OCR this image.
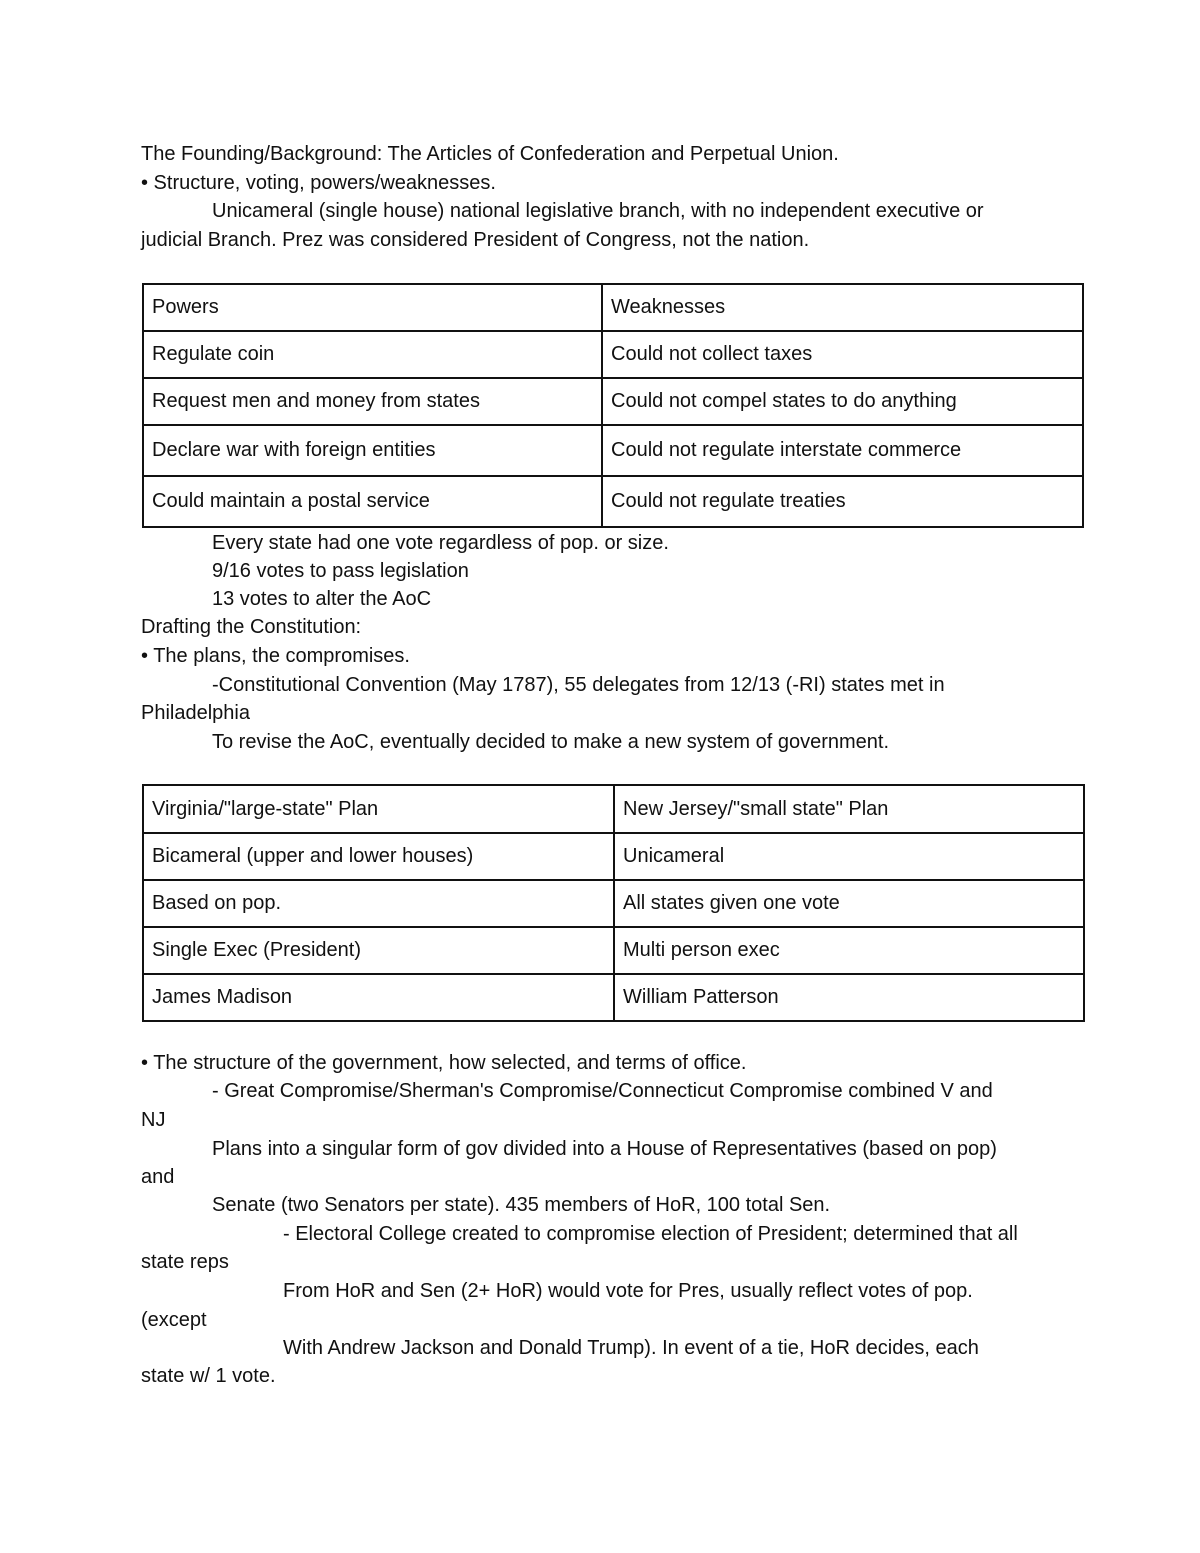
The Founding/Background: The Articles of Confederation and Perpetual Union.
• Structure, voting, powers/weaknesses.
Unicameral (single house) national legislative branch, with no independent executive or
judicial Branch. Prez was considered President of Congress, not the nation.
Powers	Weaknesses
Regulate coin	Could not collect taxes
Request men and money from states	Could not compel states to do anything
Declare war with foreign entities	Could not regulate interstate commerce
Could maintain a postal service	Could not regulate treaties
Every state had one vote regardless of pop. or size.
9/16 votes to pass legislation
13 votes to alter the AoC
Drafting the Constitution:
• The plans, the compromises.
-Constitutional Convention (May 1787), 55 delegates from 12/13 (-RI) states met in
Philadelphia
To revise the AoC, eventually decided to make a new system of government.
Virginia/"large-state" Plan	New Jersey/"small state" Plan
Bicameral (upper and lower houses)	Unicameral
Based on pop.	All states given one vote
Single Exec (President)	Multi person exec
James Madison	William Patterson
• The structure of the government, how selected, and terms of office.
- Great Compromise/Sherman's Compromise/Connecticut Compromise combined V and
NJ
Plans into a singular form of gov divided into a House of Representatives (based on pop)
and
Senate (two Senators per state). 435 members of HoR, 100 total Sen.
- Electoral College created to compromise election of President; determined that all
state reps
From HoR and Sen (2+ HoR) would vote for Pres, usually reflect votes of pop.
(except
With Andrew Jackson and Donald Trump). In event of a tie, HoR decides, each
state w/ 1 vote.
